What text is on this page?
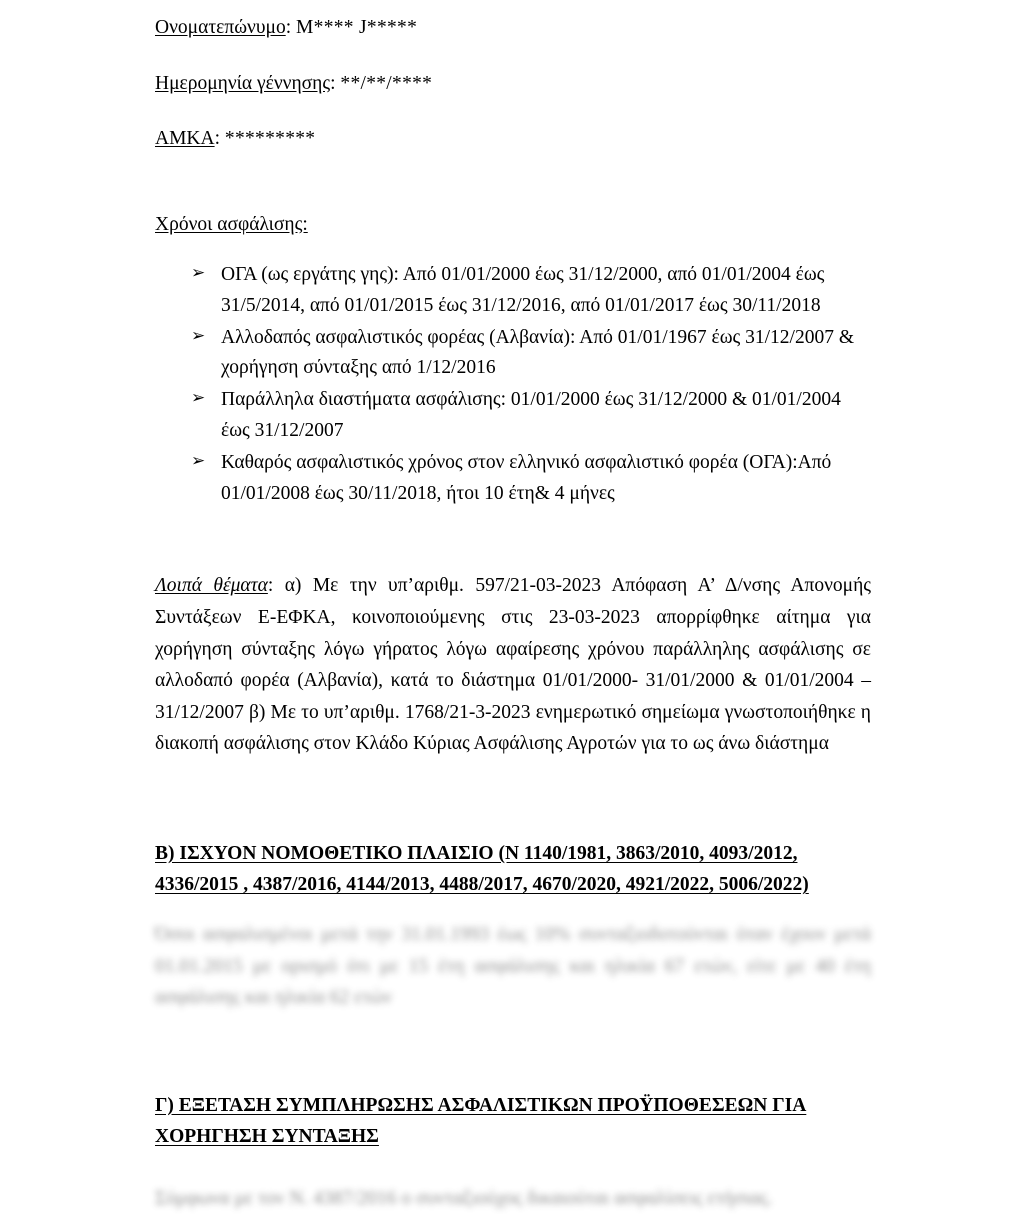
Ονοματεπώνυμο: Μ**** J*****

Ημερομηνία γέννησης: **/**/****

ΑΜΚΑ: *********

Χρόνοι ασφάλισης:

➢ ΟΓΑ (ως εργάτης γης): Από 01/01/2000 έως 31/12/2000, από 01/01/2004 έως 31/5/2014, από 01/01/2015 έως 31/12/2016, από 01/01/2017 έως 30/11/2018
➢ Αλλοδαπός ασφαλιστικός φορέας (Αλβανία): Από 01/01/1967 έως 31/12/2007 & χορήγηση σύνταξης από 1/12/2016
➢ Παράλληλα διαστήματα ασφάλισης: 01/01/2000 έως 31/12/2000 & 01/01/2004 έως 31/12/2007
➢ Καθαρός ασφαλιστικός χρόνος στον ελληνικό ασφαλιστικό φορέα (ΟΓΑ):Από 01/01/2008 έως 30/11/2018, ήτοι 10 έτη& 4 μήνες

Λοιπά θέματα: α) Με την υπ’αριθμ. 597/21-03-2023 Απόφαση Α’ Δ/νσης Απονομής Συντάξεων Ε-ΕΦΚΑ, κοινοποιούμενης στις 23-03-2023 απορρίφθηκε αίτημα για χορήγηση σύνταξης λόγω γήρατος λόγω αφαίρεσης χρόνου παράλληλης ασφάλισης σε αλλοδαπό φορέα (Αλβανία), κατά το διάστημα 01/01/2000- 31/01/2000 & 01/01/2004 – 31/12/2007 β) Με το υπ’αριθμ. 1768/21-3-2023 ενημερωτικό σημείωμα γνωστοποιήθηκε η διακοπή ασφάλισης στον Κλάδο Κύριας Ασφάλισης Αγροτών για το ως άνω διάστημα

Β) ΙΣΧΥΟΝ ΝΟΜΟΘΕΤΙΚΟ ΠΛΑΙΣΙΟ (Ν 1140/1981, 3863/2010, 4093/2012,
4336/2015 , 4387/2016, 4144/2013, 4488/2017, 4670/2020, 4921/2022, 5006/2022)

Όσοι ασφαλισμένοι μετά την 31.01.1993 έως 10% συνταξιοδοτούνται όταν έχουν μετά 01.01.2015 με ορισμό ότι με 15 έτη ασφάλισης και ηλικία 67 ετών, είτε με 40 έτη ασφάλισης και ηλικία 62 ετών

Γ) ΕΞΕΤΑΣΗ ΣΥΜΠΛΗΡΩΣΗΣ ΑΣΦΑΛΙΣΤΙΚΩΝ ΠΡΟΫΠΟΘΕΣΕΩΝ ΓΙΑ
ΧΟΡΗΓΗΣΗ ΣΥΝΤΑΞΗΣ

Σύμφωνα με τον Ν. 4387/2016 ο συνταξιούχος δικαιούται ασφαλίσεις ετήσιας.
